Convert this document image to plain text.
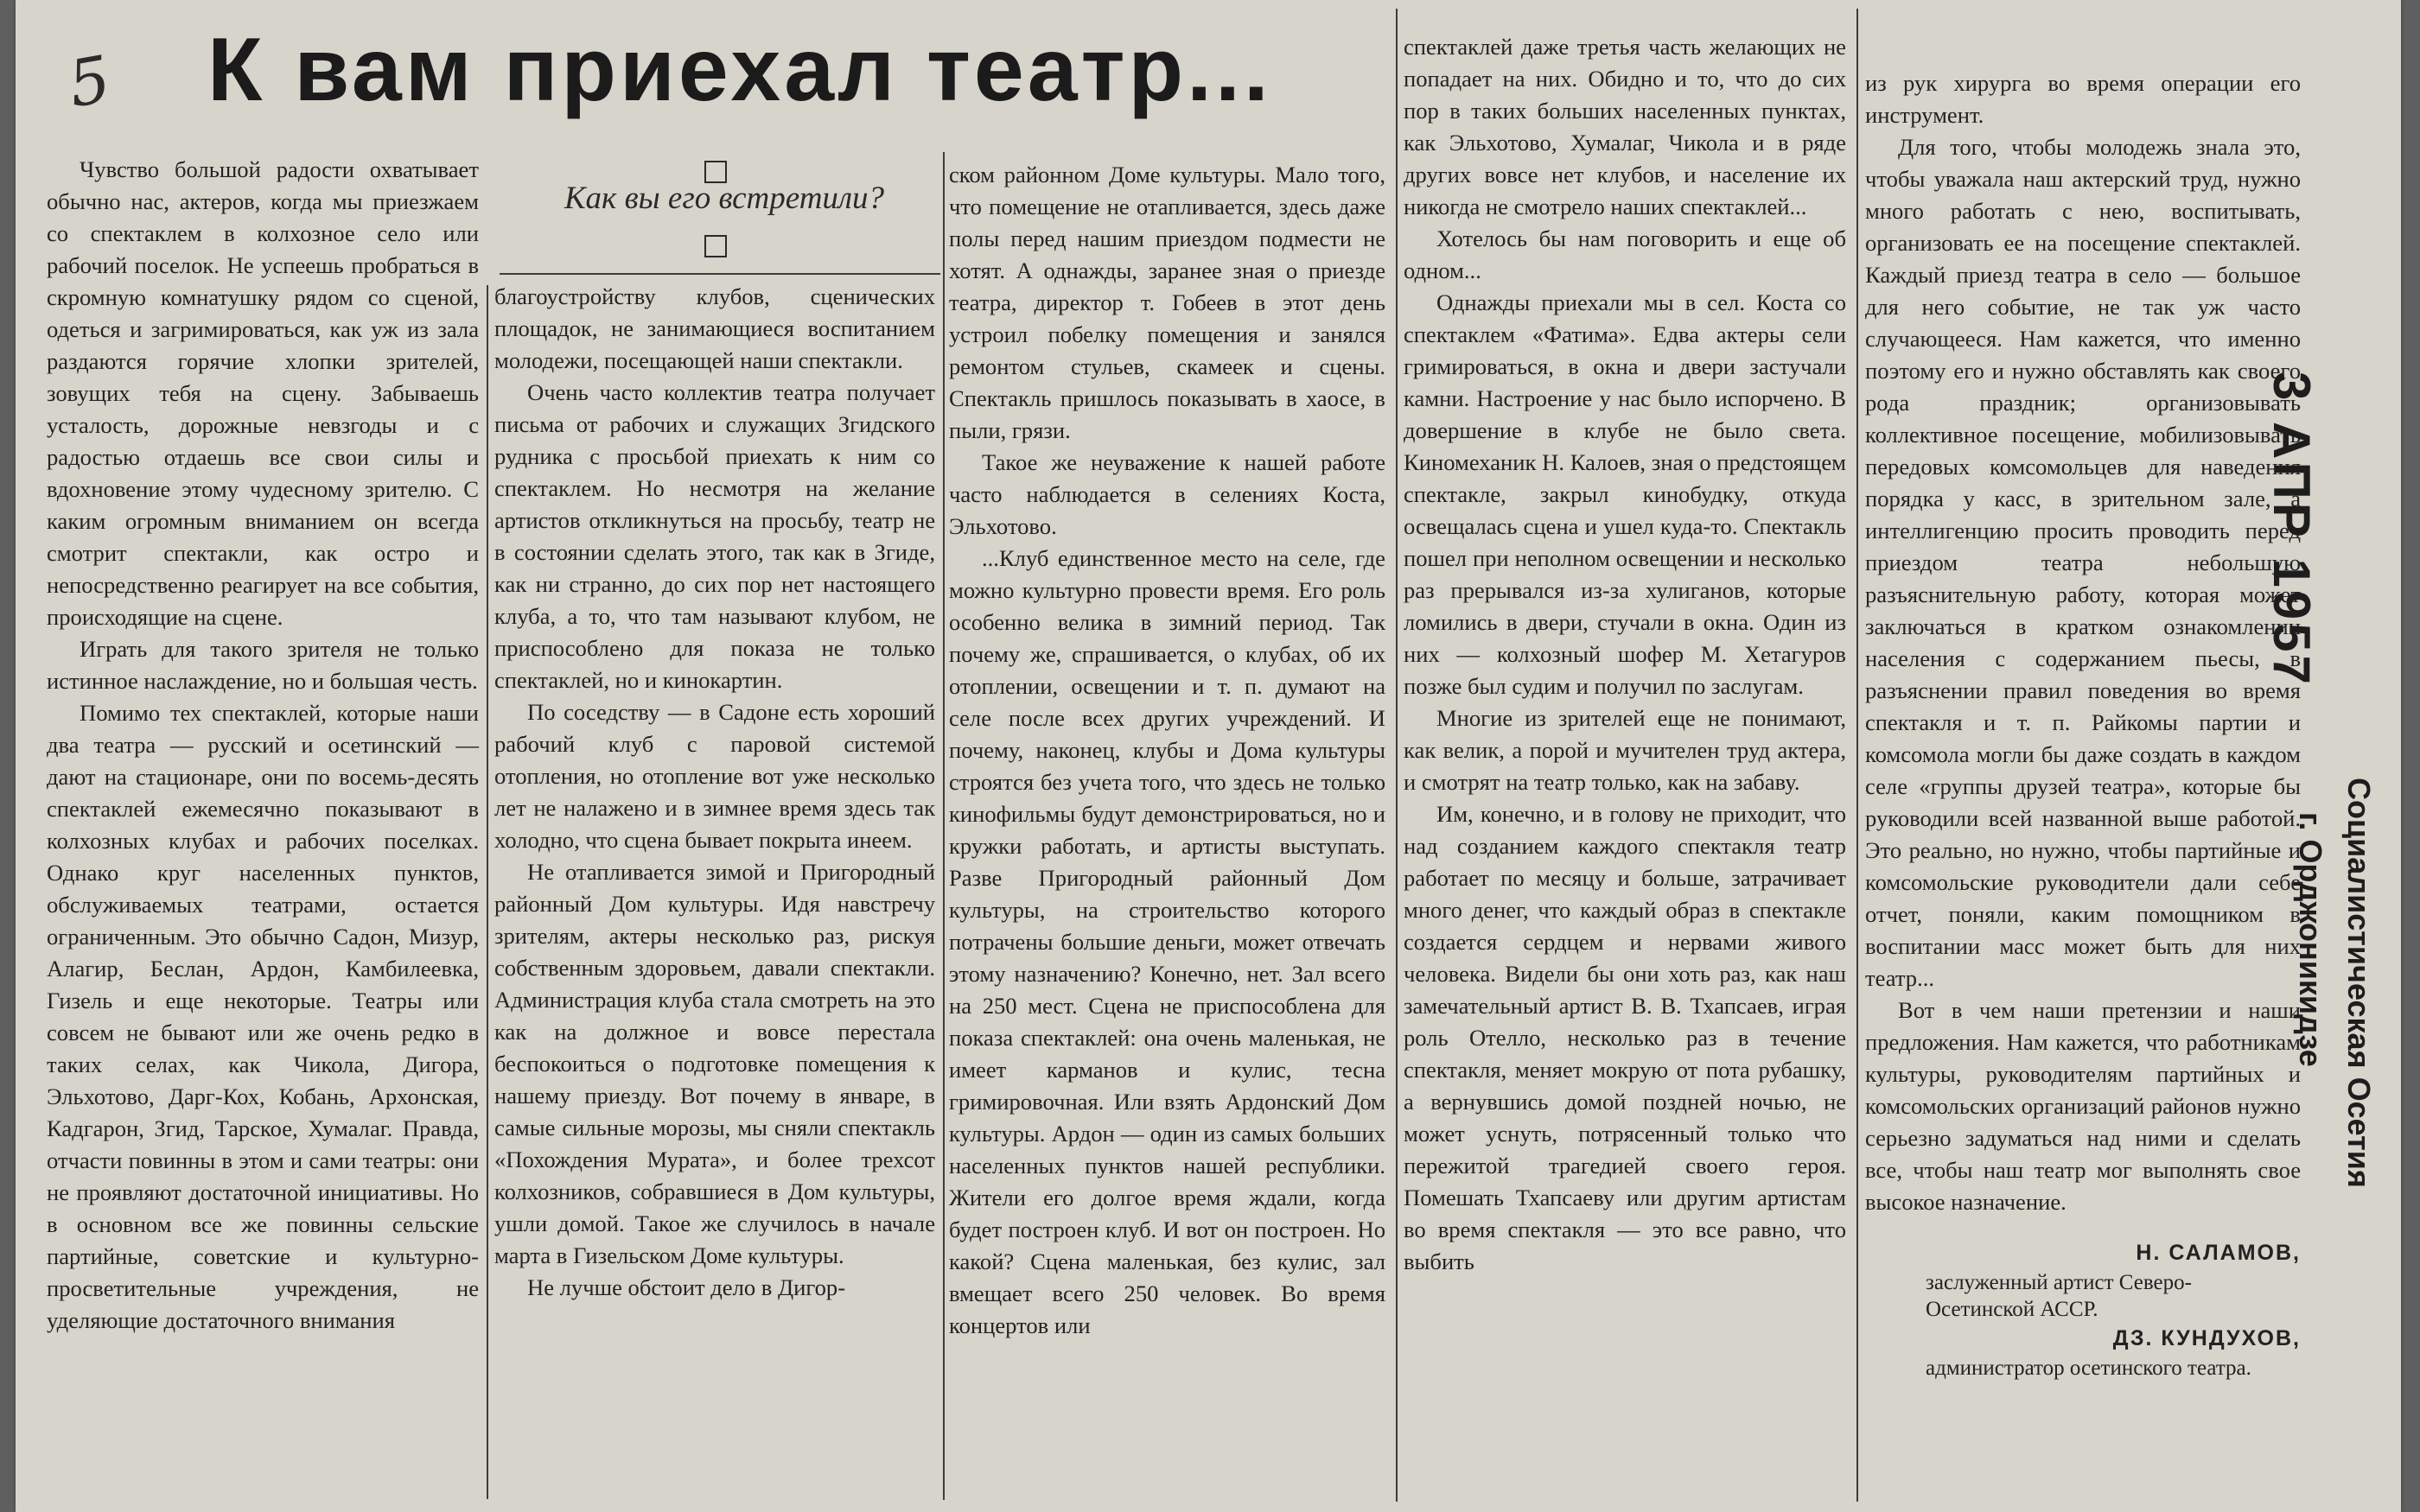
5 К вам приехал театр...

Как вы его встретили?

Чувство большой радости охватывает обычно нас, актеров, когда мы приезжаем со спектаклем в колхозное село или рабочий поселок. Не успеешь пробраться в скромную комнатушку рядом со сценой, одеться и загримироваться, как уж из зала раздаются горячие хлопки зрителей, зовущих тебя на сцену. Забываешь усталость, дорожные невзгоды и с радостью отдаешь все свои силы и вдохновение этому чудесному зрителю. С каким огромным вниманием он всегда смотрит спектакли, как остро и непосредственно реагирует на все события, происходящие на сцене.

Играть для такого зрителя не только истинное наслаждение, но и большая честь.

Помимо тех спектаклей, которые наши два театра — русский и осетинский — дают на стационаре, они по восемь-десять спектаклей ежемесячно показывают в колхозных клубах и рабочих поселках. Однако круг населенных пунктов, обслуживаемых театрами, остается ограниченным. Это обычно Садон, Мизур, Алагир, Беслан, Ардон, Камбилеевка, Гизель и еще некоторые. Театры или совсем не бывают или же очень редко в таких селах, как Чикола, Дигора, Эльхотово, Дарг-Кох, Кобань, Архонская, Кадгарон, Згид, Тарское, Хумалаг. Правда, отчасти повинны в этом и сами театры: они не проявляют достаточной инициативы. Но в основном все же повинны сельские партийные, советские и культурно-просветительные учреждения, не уделяющие достаточного внимания

благоустройству клубов, сценических площадок, не занимающиеся воспитанием молодежи, посещающей наши спектакли.

Очень часто коллектив театра получает письма от рабочих и служащих Згидского рудника с просьбой приехать к ним со спектаклем. Но несмотря на желание артистов откликнуться на просьбу, театр не в состоянии сделать этого, так как в Згиде, как ни странно, до сих пор нет настоящего клуба, а то, что там называют клубом, не приспособлено для показа не только спектаклей, но и кинокартин.

По соседству — в Садоне есть хороший рабочий клуб с паровой системой отопления, но отопление вот уже несколько лет не налажено и в зимнее время здесь так холодно, что сцена бывает покрыта инеем.

Не отапливается зимой и Пригородный районный Дом культуры. Идя навстречу зрителям, актеры несколько раз, рискуя собственным здоровьем, давали спектакли. Администрация клуба стала смотреть на это как на должное и вовсе перестала беспокоиться о подготовке помещения к нашему приезду. Вот почему в январе, в самые сильные морозы, мы сняли спектакль «Похождения Мурата», и более трехсот колхозников, собравшиеся в Дом культуры, ушли домой. Такое же случилось в начале марта в Гизельском Доме культуры.

Не лучше обстоит дело в Дигор-

ском районном Доме культуры. Мало того, что помещение не отапливается, здесь даже полы перед нашим приездом подмести не хотят. А однажды, заранее зная о приезде театра, директор т. Гобеев в этот день устроил побелку помещения и занялся ремонтом стульев, скамеек и сцены. Спектакль пришлось показывать в хаосе, в пыли, грязи.

Такое же неуважение к нашей работе часто наблюдается в селениях Коста, Эльхотово.

...Клуб единственное место на селе, где можно культурно провести время. Его роль особенно велика в зимний период. Так почему же, спрашивается, о клубах, об их отоплении, освещении и т. п. думают на селе после всех других учреждений. И почему, наконец, клубы и Дома культуры строятся без учета того, что здесь не только кинофильмы будут демонстрироваться, но и кружки работать, и артисты выступать. Разве Пригородный районный Дом культуры, на строительство которого потрачены большие деньги, может отвечать этому назначению? Конечно, нет. Зал всего на 250 мест. Сцена не приспособлена для показа спектаклей: она очень маленькая, не имеет карманов и кулис, тесна гримировочная. Или взять Ардонский Дом культуры. Ардон — один из самых больших населенных пунктов нашей республики. Жители его долгое время ждали, когда будет построен клуб. И вот он построен. Но какой? Сцена маленькая, без кулис, зал вмещает всего 250 человек. Во время концертов или

спектаклей даже третья часть желающих не попадает на них. Обидно и то, что до сих пор в таких больших населенных пунктах, как Эльхотово, Хумалаг, Чикола и в ряде других вовсе нет клубов, и население их никогда не смотрело наших спектаклей...

Хотелось бы нам поговорить и еще об одном...

Однажды приехали мы в сел. Коста со спектаклем «Фатима». Едва актеры сели гримироваться, в окна и двери застучали камни. Настроение у нас было испорчено. В довершение в клубе не было света. Киномеханик Н. Калоев, зная о предстоящем спектакле, закрыл кинобудку, откуда освещалась сцена и ушел куда-то. Спектакль пошел при неполном освещении и несколько раз прерывался из-за хулиганов, которые ломились в двери, стучали в окна. Один из них — колхозный шофер М. Хетагуров позже был судим и получил по заслугам.

Многие из зрителей еще не понимают, как велик, а порой и мучителен труд актера, и смотрят на театр только, как на забаву.

Им, конечно, и в голову не приходит, что над созданием каждого спектакля театр работает по месяцу и больше, затрачивает много денег, что каждый образ в спектакле создается сердцем и нервами живого человека. Видели бы они хоть раз, как наш замечательный артист В. В. Тхапсаев, играя роль Отелло, несколько раз в течение спектакля, меняет мокрую от пота рубашку, а вернувшись домой поздней ночью, не может уснуть, потрясенный только что пережитой трагедией своего героя. Помешать Тхапсаеву или другим артистам во время спектакля — это все равно, что выбить

из рук хирурга во время операции его инструмент.

Для того, чтобы молодежь знала это, чтобы уважала наш актерский труд, нужно много работать с нею, воспитывать, организовать ее на посещение спектаклей. Каждый приезд театра в село — большое для него событие, не так уж часто случающееся. Нам кажется, что именно поэтому его и нужно обставлять как своего рода праздник; организовывать коллективное посещение, мобилизовывать передовых комсомольцев для наведения порядка у касс, в зрительном зале, а интеллигенцию просить проводить перед приездом театра небольшую разъяснительную работу, которая может заключаться в кратком ознакомлении населения с содержанием пьесы, в разъяснении правил поведения во время спектакля и т. п. Райкомы партии и комсомола могли бы даже создать в каждом селе «группы друзей театра», которые бы руководили всей названной выше работой. Это реально, но нужно, чтобы партийные и комсомольские руководители дали себе отчет, поняли, каким помощником в воспитании масс может быть для них театр...

Вот в чем наши претензии и наши предложения. Нам кажется, что работникам культуры, руководителям партийных и комсомольских организаций районов нужно серьезно задуматься над ними и сделать все, чтобы наш театр мог выполнять свое высокое назначение.

Н. САЛАМОВ,

заслуженный артист Северо-Осетинской АССР.

ДЗ. КУНДУХОВ,

администратор осетинского театра.

3 АПР 1957

г. Орджоникидзе Социалистическая Осетия
